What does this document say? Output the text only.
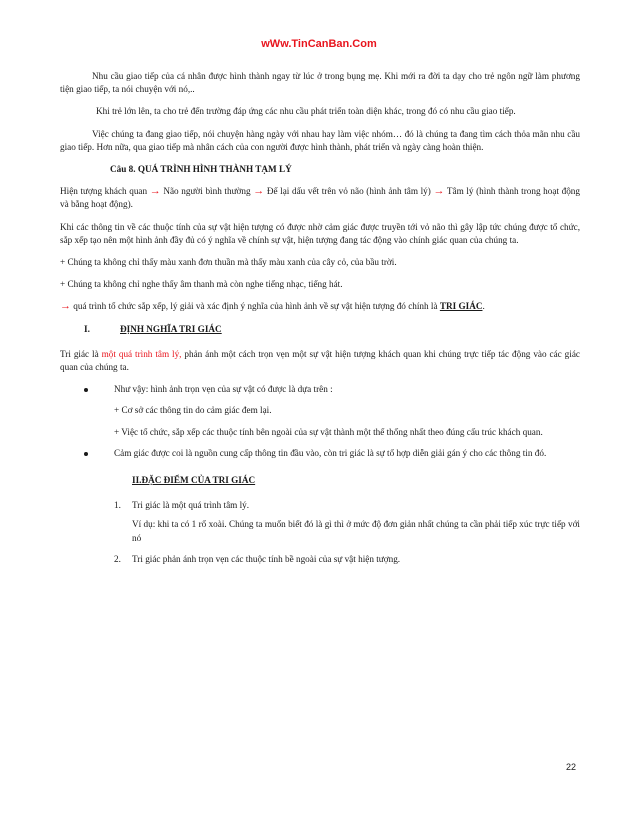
wWw.TinCanBan.Com

Nhu cầu giao tiếp của cá nhân được hình thành ngay từ lúc ở trong bụng mẹ. Khi mới ra đời ta dạy cho trẻ ngôn ngữ làm phương tiện giao tiếp, ta nói chuyện với nó,..

Khi trẻ lớn lên, ta cho trẻ đến trường đáp ứng các nhu cầu phát triển toàn diện khác, trong đó có nhu cầu giao tiếp.

Việc chúng ta đang giao tiếp, nói chuyện hàng ngày với nhau hay làm việc nhóm… đó là chúng ta đang tìm cách thỏa mãn nhu cầu giao tiếp. Hơn nữa, qua giao tiếp mà nhân cách của con người được hình thành, phát triển và ngày càng hoàn thiện.

Câu 8. QUÁ TRÌNH HÌNH THÀNH TẠM LÝ

Hiện tượng khách quan → Não người bình thường → Để lại dấu vết trên vỏ não (hình ảnh tâm lý) → Tâm lý (hình thành trong hoạt động và bằng hoạt động).

Khi các thông tin về các thuộc tính của sự vật hiện tượng có được nhờ cảm giác được truyền tới vỏ não thì gây lập tức chúng được tổ chức, sắp xếp tạo nên một hình ảnh đầy đủ có ý nghĩa về chính sự vật, hiện tượng đang tác động vào chính giác quan của chúng ta.

+ Chúng ta không chỉ thấy màu xanh đơn thuần mà thấy màu xanh của cây cỏ, của bầu trời.

+ Chúng ta không chỉ nghe thấy âm thanh mà còn nghe tiếng nhạc, tiếng hát.

→ quá trình tổ chức sắp xếp, lý giải và xác định ý nghĩa của hình ảnh về sự vật hiện tượng đó chính là TRI GIÁC.

I.	ĐỊNH NGHĨA TRI GIÁC

Tri giác là một quá trình tâm lý, phản ánh một cách trọn vẹn một sự vật hiện tượng khách quan khi chúng trực tiếp tác động vào các giác quan của chúng ta.

Như vậy: hình ảnh trọn vẹn của sự vật có được là dựa trên :
+ Cơ sở các thông tin do cảm giác đem lại.
+ Việc tổ chức, sắp xếp các thuộc tính bên ngoài của sự vật thành một thể thống nhất theo đúng cấu trúc khách quan.
Cảm giác được coi là nguồn cung cấp thông tin đầu vào, còn tri giác là sự tổ hợp diễn giải gán ý cho các thông tin đó.
II.ĐẶC ĐIỂM CỦA TRI GIÁC
1.	Tri giác là một quá trình tâm lý.
Ví dụ: khi ta có 1 rổ xoài. Chúng ta muốn biết đó là gì thì ở mức độ đơn giản nhất chúng ta cần phải tiếp xúc trực tiếp với nó
2.	Tri giác phản ánh trọn vẹn các thuộc tính bề ngoài của sự vật hiện tượng.
22
